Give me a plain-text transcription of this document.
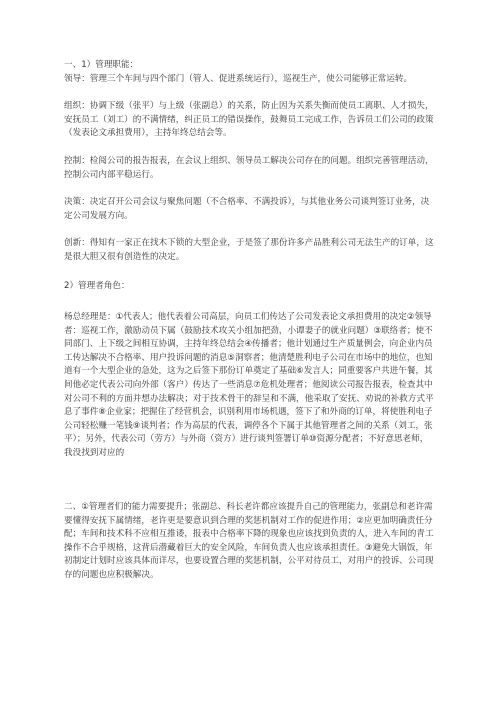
一、1）管理职能：
领导：管理三个车间与四个部门（管人、促进系统运行），巡视生产，使公司能够正常运转。
组织：协调下级（张平）与上级（张副总）的关系，防止因为关系失衡而使员工离职、人才损失，安抚员工（刘工）的不满情绪，纠正员工的错误操作，鼓舞员工完成工作，告诉员工们公司的政策（发表论文承担费用），主持年终总结会等。
控制：检阅公司的报告报表，在会议上组织、领导员工解决公司存在的问题。组织完善管理活动，控制公司内部平稳运行。
决策：决定召开公司会议与聚焦问题（不合格率、不满投诉），与其他业务公司谈判签订业务，决定公司发展方向。
创新：得知有一家正在找木下锁的大型企业，于是签了那份许多产品胜利公司无法生产的订单，这是很大胆又很有创造性的决定。
2）管理者角色：
杨总经理是：①代表人；他代表着公司高层，向员工们传达了公司发表论文承担费用的决定②领导者：巡视工作，激励动员下属（鼓励技术攻关小组加把劲，小谭妻子的就业问题）③联络者；使不同部门、上下级之间相互协调，主持年终总结会④传播者；他计划通过生产质量例会，向企业内员工传达解决不合格率、用户投诉问题的消息⑤洞察者；他清楚胜利电子公司在市场中的地位，也知道有一个大型企业的急处，这为之后签下那份订单奠定了基础⑥发言人；同重要客户共进午餐，其间他必定代表公司向外部（客户）传达了一些消息⑦危机处理者；他阅读公司报告报表，检查其中对公司不利的方面并想办法解决；对于技术骨干的辞呈和不满，他采取了安抚、劝说的补救方式平息了事件⑧企业家；把握住了经营机会，识别利用市场机遇，签下了和外商的订单，将使胜利电子公司轻松赚一笔钱⑨谈判者；作为高层的代表，调停各个下属于其他管理者之间的关系（刘工，张平）；另外，代表公司（劳方）与外商（资方）进行谈判签署订单⑩资源分配者；不好意思老师，我没找到对应的
二、①管理者们的能力需要提升；张副总、科长老许都应该提升自己的管理能力，张副总和老许需要懂得安抚下属情绪，老许更是要意识到合理的奖惩机制对工作的促进作用；②应更加明确责任分配；车间和技术科不应相互推诿，报表中合格率下降的现象也应该找到负责的人，进入车间的青工操作不合乎规格，这背后潜藏着巨大的安全风险，车间负责人也应该承担责任。③避免大锅饭，年初制定计划时应该具体而详尽，也要设置合理的奖惩机制，公平对待员工，对用户的投诉、公司现存的问题也应积极解决。
